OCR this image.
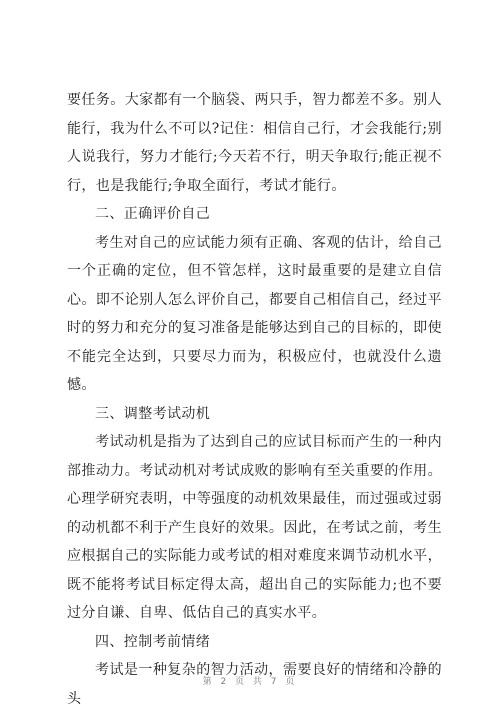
要任务。大家都有一个脑袋、两只手，智力都差不多。别人能行，我为什么不可以?记住：相信自己行，才会我能行;别人说我行，努力才能行;今天若不行，明天争取行;能正视不行，也是我能行;争取全面行，考试才能行。

二、正确评价自己

考生对自己的应试能力须有正确、客观的估计，给自己一个正确的定位，但不管怎样，这时最重要的是建立自信心。即不论别人怎么评价自己，都要自己相信自己，经过平时的努力和充分的复习准备是能够达到自己的目标的，即使不能完全达到，只要尽力而为，积极应付，也就没什么遗憾。

三、调整考试动机

考试动机是指为了达到自己的应试目标而产生的一种内部推动力。考试动机对考试成败的影响有至关重要的作用。心理学研究表明，中等强度的动机效果最佳，而过强或过弱的动机都不利于产生良好的效果。因此，在考试之前，考生应根据自己的实际能力或考试的相对难度来调节动机水平，既不能将考试目标定得太高，超出自己的实际能力;也不要过分自谦、自卑、低估自己的真实水平。

四、控制考前情绪

考试是一种复杂的智力活动，需要良好的情绪和冷静的头

第 2 页 共 7 页
